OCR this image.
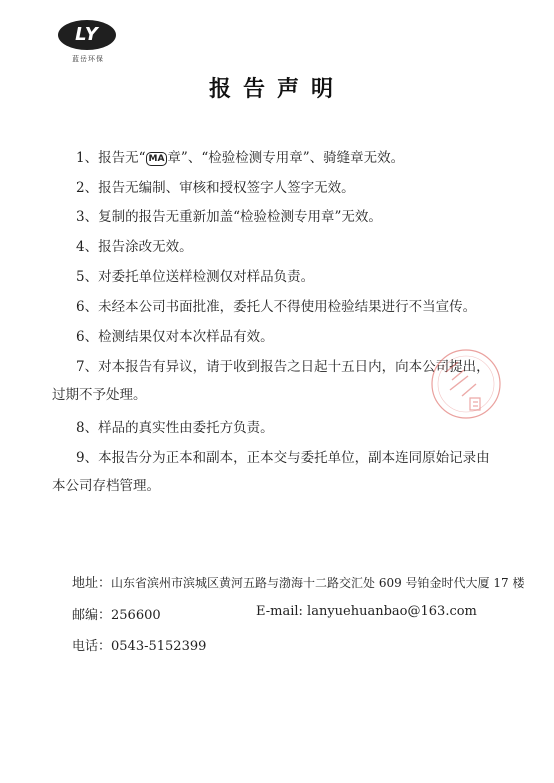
LY
蓝岳环保
报告声明
1、报告无“ MA 章”、“检验检测专用章”、骑缝章无效。
2、报告无编制、审核和授权签字人签字无效。
3、复制的报告无重新加盖“检验检测专用章”无效。
4、报告涂改无效。
5、对委托单位送样检测仅对样品负责。
6、未经本公司书面批准，委托人不得使用检验结果进行不当宣传。
6、检测结果仅对本次样品有效。
7、对本报告有异议，请于收到报告之日起十五日内，向本公司提出，
过期不予处理。
8、样品的真实性由委托方负责。
9、本报告分为正本和副本，正本交与委托单位，副本连同原始记录由
本公司存档管理。
地址：山东省滨州市滨城区黄河五路与渤海十二路交汇处 609 号铂金时代大厦 17 楼
邮编：256600	E-mail: lanyuehuanbao@163.com
电话：0543-5152399
